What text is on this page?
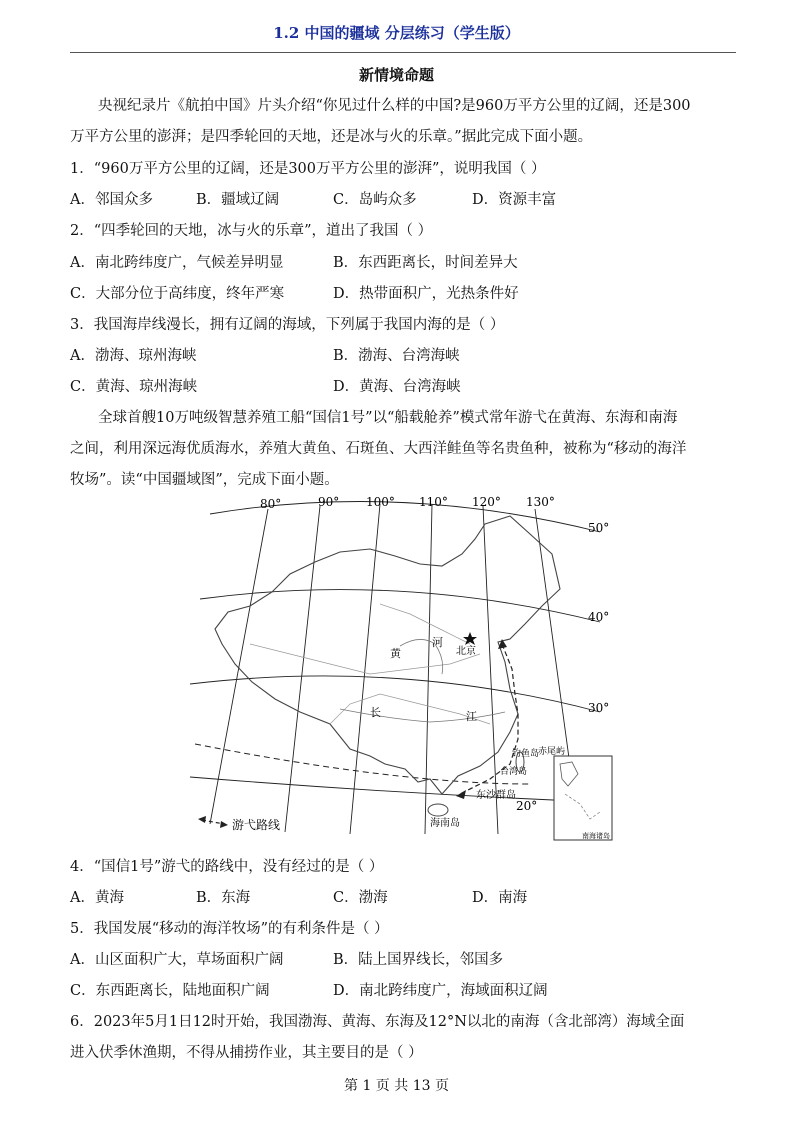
1.2 中国的疆域 分层练习（学生版）
新情境命题
央视纪录片《航拍中国》片头介绍“你见过什么样的中国?是960万平方公里的辽阔，还是300
万平方公里的澎湃；是四季轮回的天地，还是冰与火的乐章。”据此完成下面小题。
1．“960万平方公里的辽阔，还是300万平方公里的澎湃”，说明我国（ ）
A．邻国众多	B．疆域辽阔	C．岛屿众多	D．资源丰富
2．“四季轮回的天地，冰与火的乐章”，道出了我国（ ）
A．南北跨纬度广，气候差异明显	B．东西距离长，时间差异大
C．大部分位于高纬度，终年严寒	D．热带面积广，光热条件好
3．我国海岸线漫长，拥有辽阔的海域，下列属于我国内海的是（ ）
A．渤海、琼州海峡	B．渤海、台湾海峡
C．黄海、琼州海峡	D．黄海、台湾海峡
全球首艘10万吨级智慧养殖工船“国信1号”以“船载舱养”模式常年游弋在黄海、东海和南海
之间，利用深远海优质海水，养殖大黄鱼、石斑鱼、大西洋鲑鱼等名贵鱼种，被称为“移动的海洋
牧场”。读“中国疆域图”，完成下面小题。
80°	90° 100° 110° 120° 130°
50°
40°
30°
20°
北京
黄
河
长	江
钓鱼岛
赤尾屿
台湾岛
东沙群岛
海南岛
南海诸岛
游弋路线
4．“国信1号”游弋的路线中，没有经过的是（ ）
A．黄海	B．东海	C．渤海	D．南海
5．我国发展“移动的海洋牧场”的有利条件是（ ）
A．山区面积广大，草场面积广阔	B．陆上国界线长，邻国多
C．东西距离长，陆地面积广阔	D．南北跨纬度广，海域面积辽阔
6．2023年5月1日12时开始，我国渤海、黄海、东海及12°N以北的南海（含北部湾）海域全面
进入伏季休渔期，不得从捕捞作业，其主要目的是（ ）
第 1 页 共 13 页
